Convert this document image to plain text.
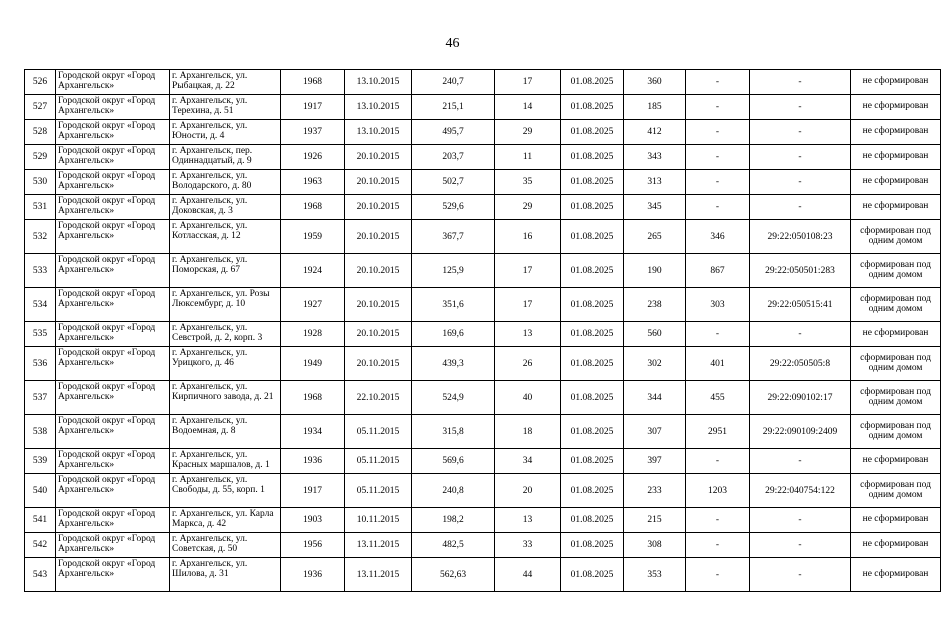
46
526	Городской округ «Город Архангельск»	г. Архангельск, ул. Рыбацкая, д. 22	1968	13.10.2015	240,7	17	01.08.2025	360	-	-	не сформирован
527	Городской округ «Город Архангельск»	г. Архангельск, ул. Терехина, д. 51	1917	13.10.2015	215,1	14	01.08.2025	185	-	-	не сформирован
528	Городской округ «Город Архангельск»	г. Архангельск, ул. Юности, д. 4	1937	13.10.2015	495,7	29	01.08.2025	412	-	-	не сформирован
529	Городской округ «Город Архангельск»	г. Архангельск, пер. Одиннадцатый, д. 9	1926	20.10.2015	203,7	11	01.08.2025	343	-	-	не сформирован
530	Городской округ «Город Архангельск»	г. Архангельск, ул. Володарского, д. 80	1963	20.10.2015	502,7	35	01.08.2025	313	-	-	не сформирован
531	Городской округ «Город Архангельск»	г. Архангельск, ул. Доковская, д. 3	1968	20.10.2015	529,6	29	01.08.2025	345	-	-	не сформирован
532	Городской округ «Город Архангельск»	г. Архангельск, ул. Котласская, д. 12	1959	20.10.2015	367,7	16	01.08.2025	265	346	29:22:050108:23	сформирован под одним домом
533	Городской округ «Город Архангельск»	г. Архангельск, ул. Поморская, д. 67	1924	20.10.2015	125,9	17	01.08.2025	190	867	29:22:050501:283	сформирован под одним домом
534	Городской округ «Город Архангельск»	г. Архангельск, ул. Розы Люксембург, д. 10	1927	20.10.2015	351,6	17	01.08.2025	238	303	29:22:050515:41	сформирован под одним домом
535	Городской округ «Город Архангельск»	г. Архангельск, ул. Севстрой, д. 2, корп. 3	1928	20.10.2015	169,6	13	01.08.2025	560	-	-	не сформирован
536	Городской округ «Город Архангельск»	г. Архангельск, ул. Урицкого, д. 46	1949	20.10.2015	439,3	26	01.08.2025	302	401	29:22:050505:8	сформирован под одним домом
537	Городской округ «Город Архангельск»	г. Архангельск, ул. Кирпичного завода, д. 21	1968	22.10.2015	524,9	40	01.08.2025	344	455	29:22:090102:17	сформирован под одним домом
538	Городской округ «Город Архангельск»	г. Архангельск, ул. Водоемная, д. 8	1934	05.11.2015	315,8	18	01.08.2025	307	2951	29:22:090109:2409	сформирован под одним домом
539	Городской округ «Город Архангельск»	г. Архангельск, ул. Красных маршалов, д. 1	1936	05.11.2015	569,6	34	01.08.2025	397	-	-	не сформирован
540	Городской округ «Город Архангельск»	г. Архангельск, ул. Свободы, д. 55, корп. 1	1917	05.11.2015	240,8	20	01.08.2025	233	1203	29:22:040754:122	сформирован под одним домом
541	Городской округ «Город Архангельск»	г. Архангельск, ул. Карла Маркса, д. 42	1903	10.11.2015	198,2	13	01.08.2025	215	-	-	не сформирован
542	Городской округ «Город Архангельск»	г. Архангельск, ул. Советская, д. 50	1956	13.11.2015	482,5	33	01.08.2025	308	-	-	не сформирован
543	Городской округ «Город Архангельск»	г. Архангельск, ул. Шилова, д. 31	1936	13.11.2015	562,63	44	01.08.2025	353	-	-	не сформирован
